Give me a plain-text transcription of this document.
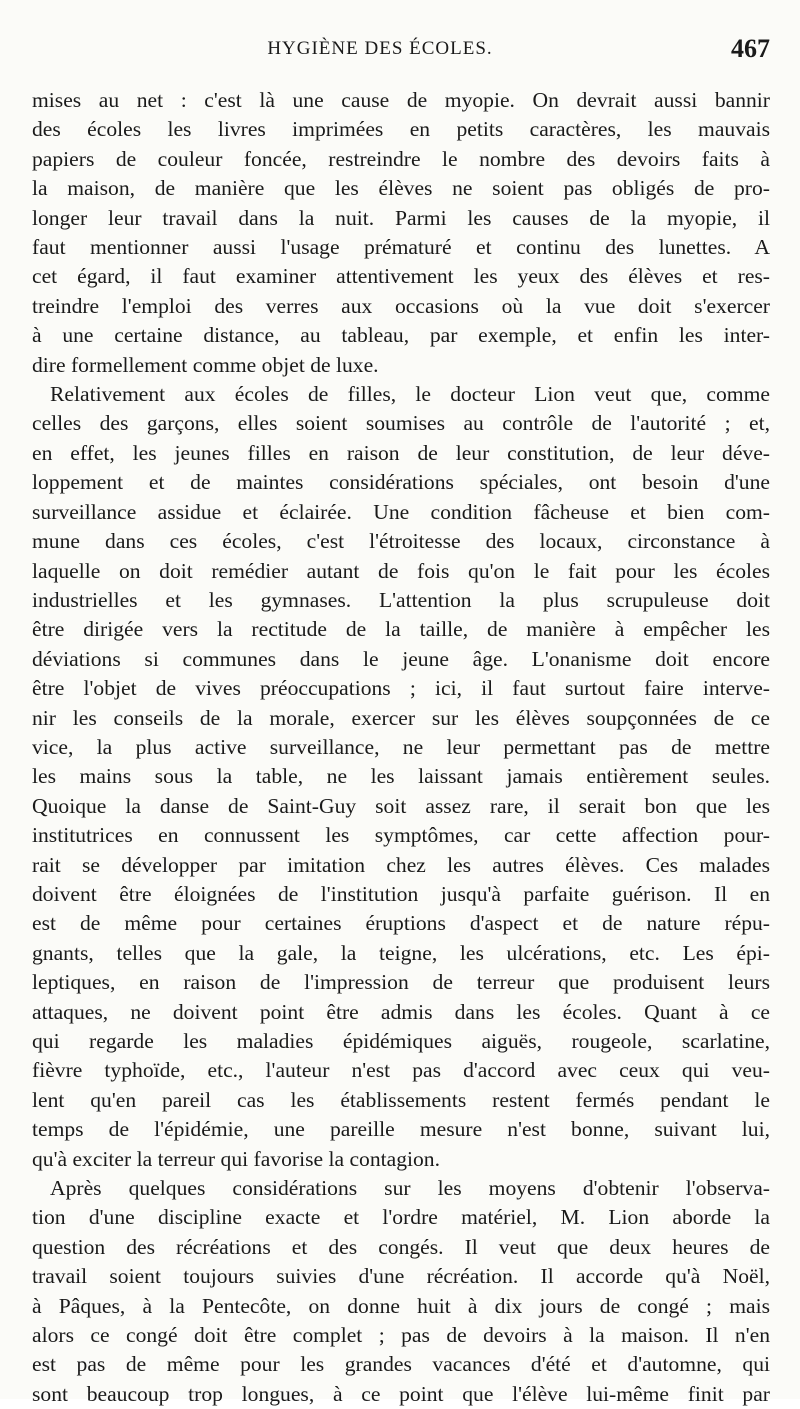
HYGIÈNE DES ÉCOLES.	467
mises au net : c'est là une cause de myopie. On devrait aussi bannir
des écoles les livres imprimées en petits caractères, les mauvais
papiers de couleur foncée, restreindre le nombre des devoirs faits à
la maison, de manière que les élèves ne soient pas obligés de pro-
longer leur travail dans la nuit. Parmi les causes de la myopie, il
faut mentionner aussi l'usage prématuré et continu des lunettes. A
cet égard, il faut examiner attentivement les yeux des élèves et res-
treindre l'emploi des verres aux occasions où la vue doit s'exercer
à une certaine distance, au tableau, par exemple, et enfin les inter-
dire formellement comme objet de luxe.
Relativement aux écoles de filles, le docteur Lion veut que, comme
celles des garçons, elles soient soumises au contrôle de l'autorité ; et,
en effet, les jeunes filles en raison de leur constitution, de leur déve-
loppement et de maintes considérations spéciales, ont besoin d'une
surveillance assidue et éclairée. Une condition fâcheuse et bien com-
mune dans ces écoles, c'est l'étroitesse des locaux, circonstance à
laquelle on doit remédier autant de fois qu'on le fait pour les écoles
industrielles et les gymnases. L'attention la plus scrupuleuse doit
être dirigée vers la rectitude de la taille, de manière à empêcher les
déviations si communes dans le jeune âge. L'onanisme doit encore
être l'objet de vives préoccupations ; ici, il faut surtout faire interve-
nir les conseils de la morale, exercer sur les élèves soupçonnées de ce
vice, la plus active surveillance, ne leur permettant pas de mettre
les mains sous la table, ne les laissant jamais entièrement seules.
Quoique la danse de Saint-Guy soit assez rare, il serait bon que les
institutrices en connussent les symptômes, car cette affection pour-
rait se développer par imitation chez les autres élèves. Ces malades
doivent être éloignées de l'institution jusqu'à parfaite guérison. Il en
est de même pour certaines éruptions d'aspect et de nature répu-
gnants, telles que la gale, la teigne, les ulcérations, etc. Les épi-
leptiques, en raison de l'impression de terreur que produisent leurs
attaques, ne doivent point être admis dans les écoles. Quant à ce
qui regarde les maladies épidémiques aiguës, rougeole, scarlatine,
fièvre typhoïde, etc., l'auteur n'est pas d'accord avec ceux qui veu-
lent qu'en pareil cas les établissements restent fermés pendant le
temps de l'épidémie, une pareille mesure n'est bonne, suivant lui,
qu'à exciter la terreur qui favorise la contagion.
Après quelques considérations sur les moyens d'obtenir l'observa-
tion d'une discipline exacte et l'ordre matériel, M. Lion aborde la
question des récréations et des congés. Il veut que deux heures de
travail soient toujours suivies d'une récréation. Il accorde qu'à Noël,
à Pâques, à la Pentecôte, on donne huit à dix jours de congé ; mais
alors ce congé doit être complet ; pas de devoirs à la maison. Il n'en
est pas de même pour les grandes vacances d'été et d'automne, qui
sont beaucoup trop longues, à ce point que l'élève lui-même finit par
